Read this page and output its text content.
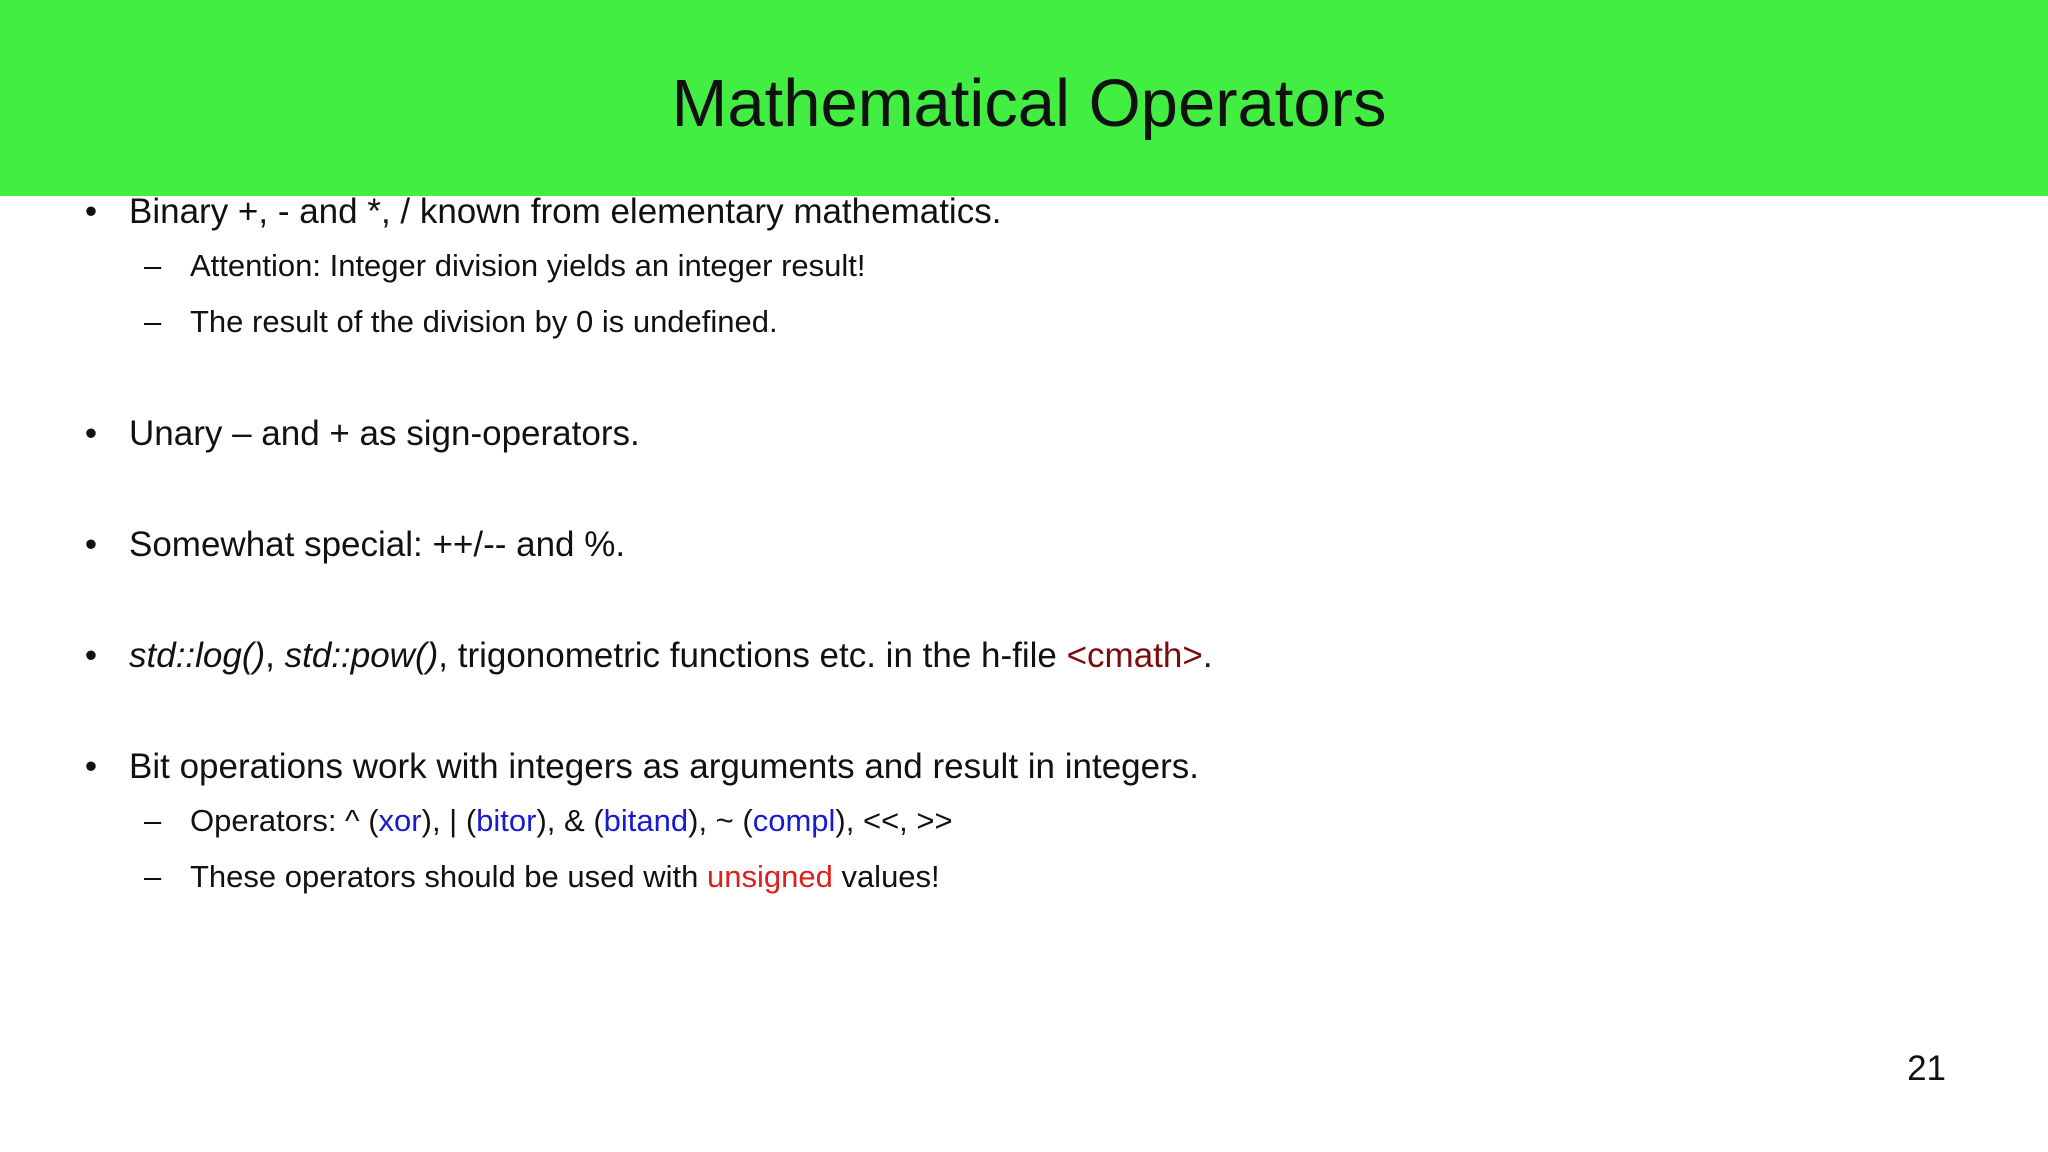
Mathematical Operators
• Binary +, - and *, / known from elementary mathematics.
– Attention: Integer division yields an integer result!
– The result of the division by 0 is undefined.
• Unary – and + as sign-operators.
• Somewhat special: ++/-- and %.
• std::log(), std::pow(), trigonometric functions etc. in the h-file <cmath>.
• Bit operations work with integers as arguments and result in integers.
– Operators: ^ (xor), | (bitor), & (bitand), ~ (compl), <<, >>
– These operators should be used with unsigned values!
21
